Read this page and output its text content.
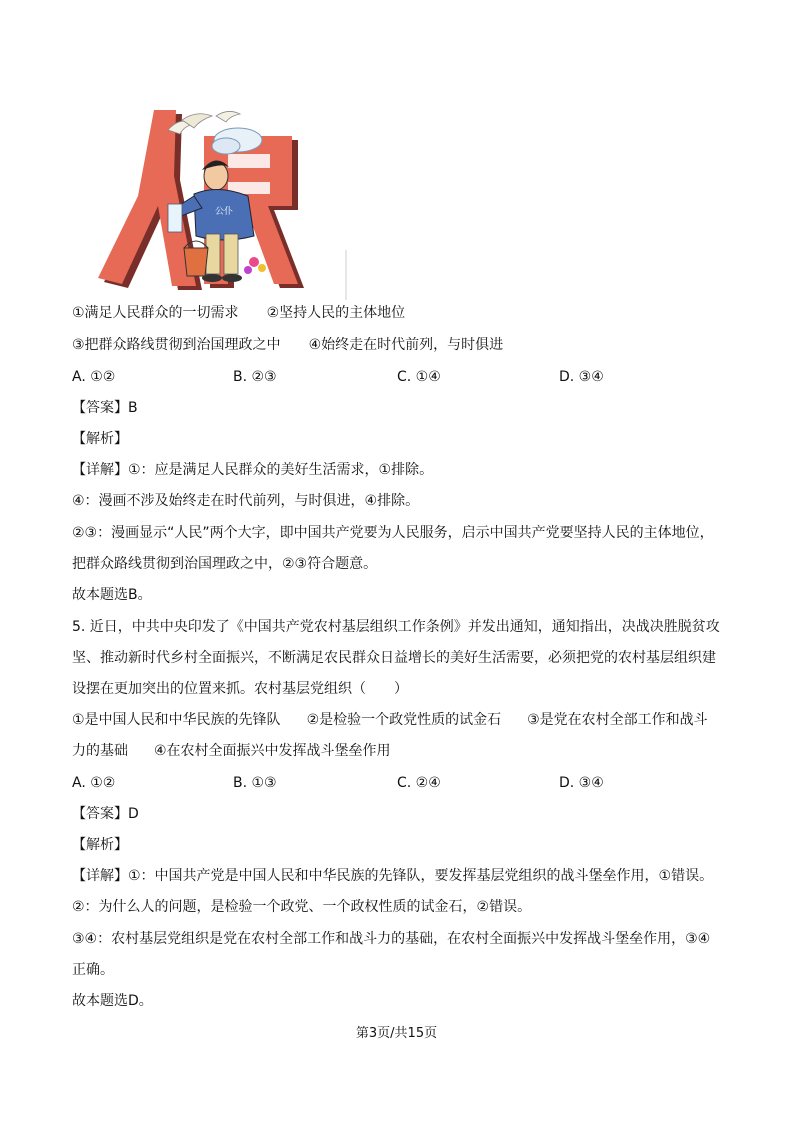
公仆
①满足人民群众的一切需求 ②坚持人民的主体地位
③把群众路线贯彻到治国理政之中 ④始终走在时代前列，与时俱进
A. ①②	B. ②③	C. ①④	D. ③④
【答案】B
【解析】
【详解】①：应是满足人民群众的美好生活需求，①排除。
④：漫画不涉及始终走在时代前列，与时俱进，④排除。
②③：漫画显示“人民”两个大字，即中国共产党要为人民服务，启示中国共产党要坚持人民的主体地位，
把群众路线贯彻到治国理政之中，②③符合题意。
故本题选B。
5. 近日，中共中央印发了《中国共产党农村基层组织工作条例》并发出通知，通知指出，决战决胜脱贫攻
坚、推动新时代乡村全面振兴，不断满足农民群众日益增长的美好生活需要，必须把党的农村基层组织建
设摆在更加突出的位置来抓。农村基层党组织（　　）
①是中国人民和中华民族的先锋队 ②是检验一个政党性质的试金石 ③是党在农村全部工作和战斗
力的基础 ④在农村全面振兴中发挥战斗堡垒作用
A. ①②	B. ①③	C. ②④	D. ③④
【答案】D
【解析】
【详解】①：中国共产党是中国人民和中华民族的先锋队，要发挥基层党组织的战斗堡垒作用，①错误。
②：为什么人的问题，是检验一个政党、一个政权性质的试金石，②错误。
③④：农村基层党组织是党在农村全部工作和战斗力的基础，在农村全面振兴中发挥战斗堡垒作用，③④
正确。
故本题选D。
第3页/共15页
